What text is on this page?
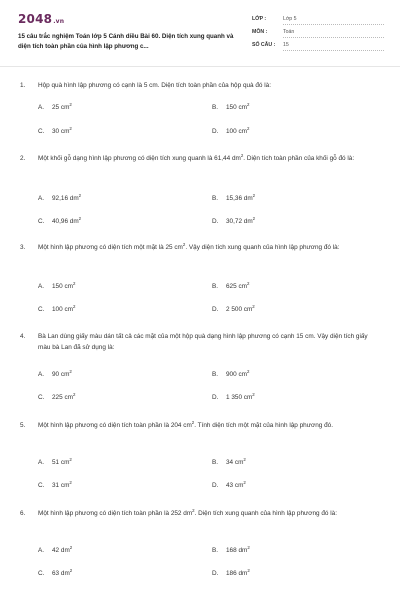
2048.vn
15 câu trắc nghiệm Toán lớp 5 Cánh diều Bài 60. Diện tích xung quanh và diện tích toàn phần của hình lập phương c...
LỚP :	Lớp 5
MÔN :	Toán
SỐ CÂU : 15
1. Hộp quà hình lập phương có cạnh là 5 cm. Diện tích toàn phần của hộp quà đó là:
A. 25 $cm^2$	B. 150 $cm^2$
C. 30 $cm^2$	D. 100 $cm^2$
2. Một khối gỗ dạng hình lập phương có diện tích xung quanh là 61,44 $dm^2$. Diện tích toàn phần của khối gỗ đó là:
A. 92,16 $dm^2$	B. 15,36 $dm^2$
C. 40,96 $dm^2$	D. 30,72 $dm^2$
3. Một hình lập phương có diện tích một mặt là 25 $cm^2$. Vậy diện tích xung quanh của hình lập phương đó là:
A. 150 $cm^2$	B. 625 $cm^2$
C. 100 $cm^2$	D. 2 500 $cm^2$
4. Bà Lan dùng giấy màu dán tất cả các mặt của một hộp quà dạng hình lập phương có cạnh 15 cm. Vậy diện tích giấy màu bà Lan đã sử dụng là:
A. 90 $cm^2$	B. 900 $cm^2$
C. 225 $cm^2$	D. 1 350 $cm^2$
5. Một hình lập phương có diện tích toàn phần là 204 $cm^2$. Tính diện tích một mặt của hình lập phương đó.
A. 51 $cm^2$	B. 34 $cm^2$
C. 31 $cm^2$	D. 43 $cm^2$
6. Một hình lập phương có diện tích toàn phần là 252 $dm^2$. Diện tích xung quanh của hình lập phương đó là:
A. 42 $dm^2$	B. 168 $dm^2$
C. 63 $dm^2$	D. 186 $dm^2$
